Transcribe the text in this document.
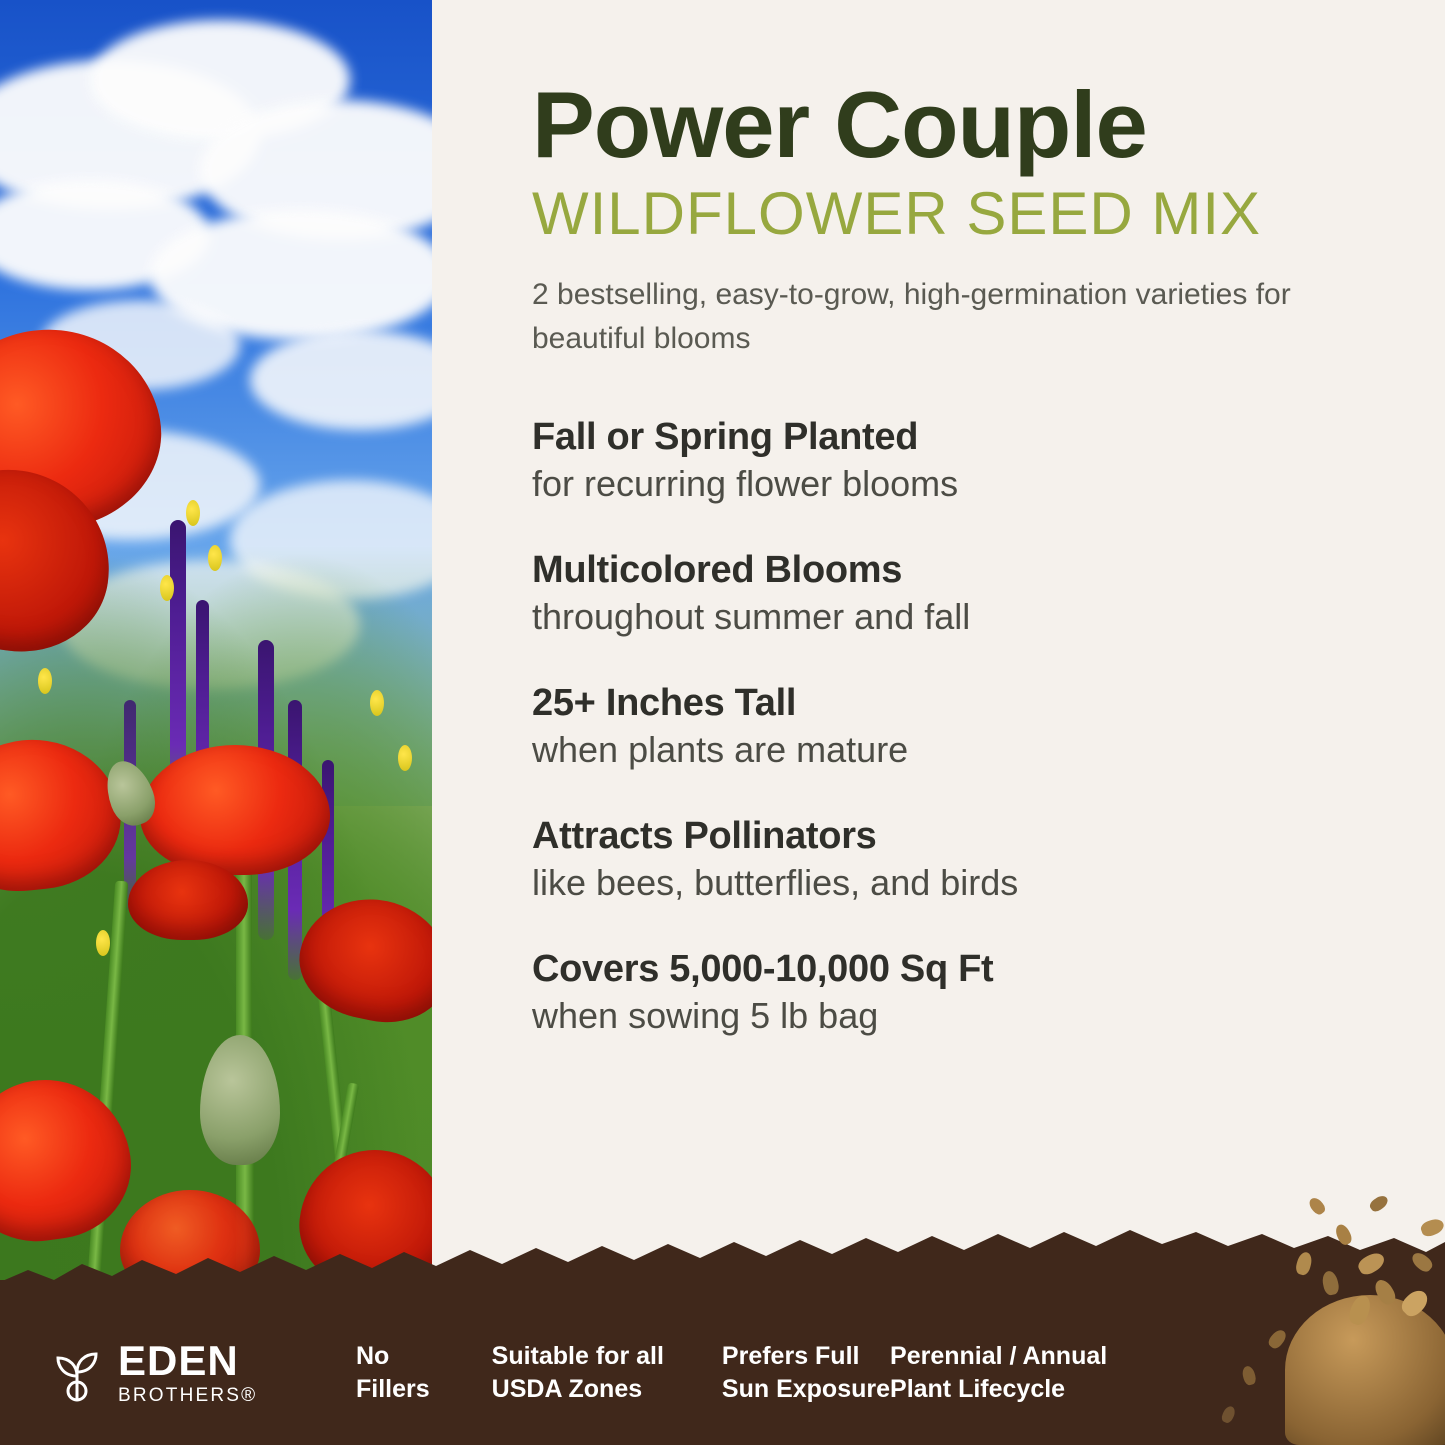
Power Couple
WILDFLOWER SEED MIX

2 bestselling, easy-to-grow, high-germination varieties for beautiful blooms

Fall or Spring Planted
for recurring flower blooms
Multicolored Blooms
throughout summer and fall
25+ Inches Tall
when plants are mature
Attracts Pollinators
like bees, butterflies, and birds
Covers 5,000-10,000 Sq Ft
when sowing 5 lb bag
EDEN
BROTHERS®
No
Fillers
Suitable for all
USDA Zones
Prefers Full
Sun Exposure
Perennial / Annual
Plant Lifecycle
